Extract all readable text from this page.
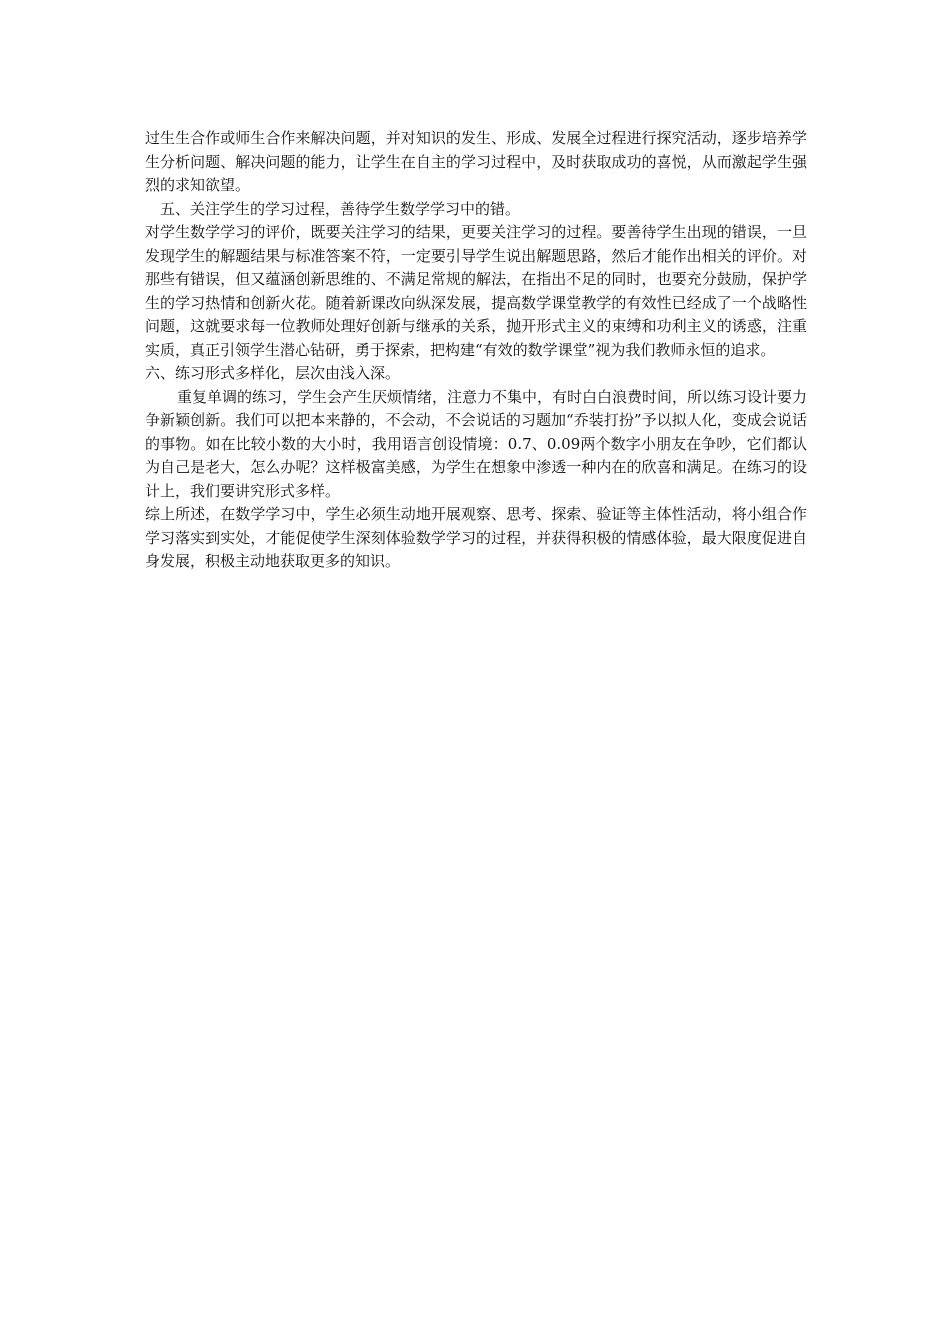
过生生合作或师生合作来解决问题，并对知识的发生、形成、发展全过程进行探究活动，逐步培养学生分析问题、解决问题的能力，让学生在自主的学习过程中，及时获取成功的喜悦，从而激起学生强烈的求知欲望。

五、关注学生的学习过程，善待学生数学学习中的错。

对学生数学学习的评价，既要关注学习的结果，更要关注学习的过程。要善待学生出现的错误，一旦发现学生的解题结果与标准答案不符，一定要引导学生说出解题思路，然后才能作出相关的评价。对那些有错误，但又蕴涵创新思维的、不满足常规的解法，在指出不足的同时，也要充分鼓励，保护学生的学习热情和创新火花。随着新课改向纵深发展，提高数学课堂教学的有效性已经成了一个战略性问题，这就要求每一位教师处理好创新与继承的关系，抛开形式主义的束缚和功利主义的诱惑，注重实质，真正引领学生潜心钻研，勇于探索，把构建“有效的数学课堂”视为我们教师永恒的追求。

六、练习形式多样化，层次由浅入深。

重复单调的练习，学生会产生厌烦情绪，注意力不集中，有时白白浪费时间，所以练习设计要力争新颖创新。我们可以把本来静的，不会动，不会说话的习题加“乔装打扮”予以拟人化，变成会说话的事物。如在比较小数的大小时，我用语言创设情境：0.7、0.09两个数字小朋友在争吵，它们都认为自己是老大，怎么办呢？这样极富美感，为学生在想象中渗透一种内在的欣喜和满足。在练习的设计上，我们要讲究形式多样。

综上所述，在数学学习中，学生必须生动地开展观察、思考、探索、验证等主体性活动，将小组合作学习落实到实处，才能促使学生深刻体验数学学习的过程，并获得积极的情感体验，最大限度促进自身发展，积极主动地获取更多的知识。
